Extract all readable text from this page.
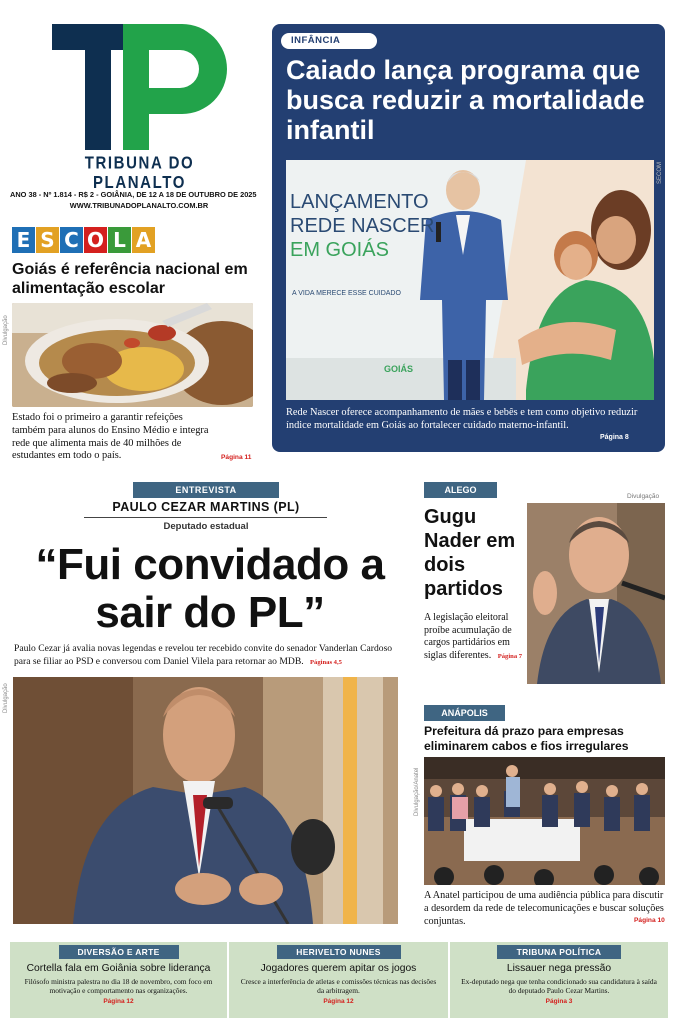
TRIBUNA DO PLANALTO
ANO 38 - Nº 1.814 - R$ 2 - GOIÂNIA, DE 12 A 18 DE OUTUBRO DE 2025
WWW.TRIBUNADOPLANALTO.COM.BR
E S C O L A
Goiás é referência nacional em alimentação escolar
Divulgação
Estado foi o primeiro a garantir refeições também para alunos do Ensino Médio e integra rede que alimenta mais de 40 milhões de estudantes em todo o país.	Página 11
INFÂNCIA
Caiado lança programa que busca reduzir a mortalidade infantil
LANÇAMENTO
REDE NASCER
EM GOIÁS
A VIDA MERECE ESSE CUIDADO
GOIÁS
SECOM
Rede Nascer oferece acompanhamento de mães e bebês e tem como objetivo reduzir índice mortalidade em Goiás ao fortalecer cuidado materno-infantil.
Página 8
ENTREVISTA
PAULO CEZAR MARTINS (PL)
Deputado estadual
“Fui convidado a sair do PL”
Paulo Cezar já avalia novas legendas e revelou ter recebido convite do senador Vanderlan Cardoso para se filiar ao PSD e conversou com Daniel Vilela para retornar ao MDB. Páginas 4,5
Divulgação
ALEGO
Divulgação
Gugu Nader em dois partidos
A legislação eleitoral proíbe acumulação de cargos partidários em siglas diferentes. Página 7
ANÁPOLIS
Prefeitura dá prazo para empresas eliminarem cabos e fios irregulares
Divulgação/Anatel
A Anatel participou de uma audiência pública para discutir a desordem da rede de telecomunicações e buscar soluções conjuntas.	Página 10
DIVERSÃO E ARTE
Cortella fala em Goiânia sobre liderança
Filósofo ministra palestra no dia 18 de novembro, com foco em motivação e comportamento nas organizações.
Página 12
HERIVELTO NUNES
Jogadores querem apitar os jogos
Cresce a interferência de atletas e comissões técnicas nas decisões da arbitragem.
Página 12
TRIBUNA POLÍTICA
Lissauer nega pressão
Ex-deputado nega que tenha condicionado sua candidatura à saída do deputado Paulo Cezar Martins.
Página 3
